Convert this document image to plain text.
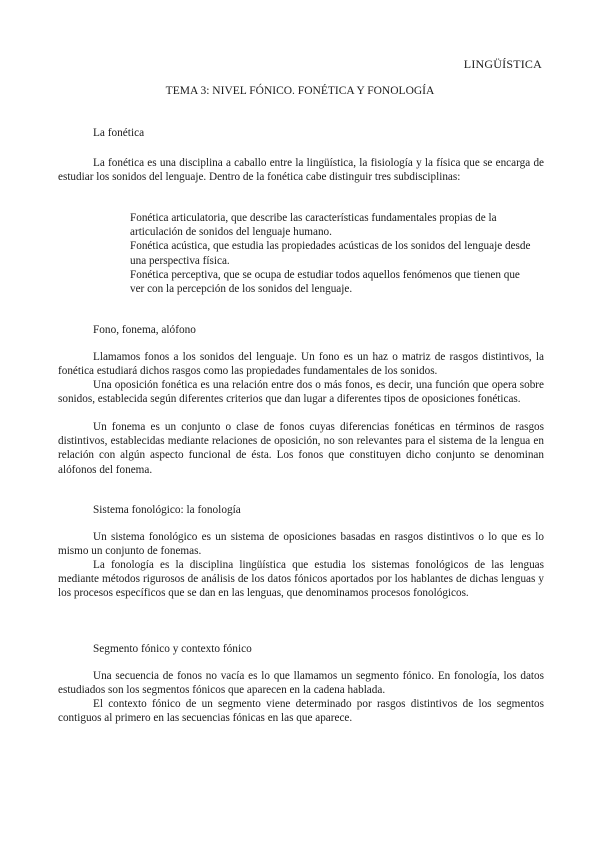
LINGÜÍSTICA
TEMA 3: NIVEL FÓNICO. FONÉTICA Y FONOLOGÍA
La fonética

La fonética es una disciplina a caballo entre la lingüística, la fisiología y la física que se encarga de estudiar los sonidos del lenguaje. Dentro de la fonética cabe distinguir tres subdisciplinas:

Fonética articulatoria, que describe las características fundamentales propias de la articulación de sonidos del lenguaje humano.
Fonética acústica, que estudia las propiedades acústicas de los sonidos del lenguaje desde una perspectiva física.
Fonética perceptiva, que se ocupa de estudiar todos aquellos fenómenos que tienen que ver con la percepción de los sonidos del lenguaje.
Fono, fonema, alófono

Llamamos fonos a los sonidos del lenguaje. Un fono es un haz o matriz de rasgos distintivos, la fonética estudiará dichos rasgos como las propiedades fundamentales de los sonidos.

Una oposición fonética es una relación entre dos o más fonos, es decir, una función que opera sobre sonidos, establecida según diferentes criterios que dan lugar a diferentes tipos de oposiciones fonéticas.

Un fonema es un conjunto o clase de fonos cuyas diferencias fonéticas en términos de rasgos distintivos, establecidas mediante relaciones de oposición, no son relevantes para el sistema de la lengua en relación con algún aspecto funcional de ésta. Los fonos que constituyen dicho conjunto se denominan alófonos del fonema.

Sistema fonológico: la fonología

Un sistema fonológico es un sistema de oposiciones basadas en rasgos distintivos o lo que es lo mismo un conjunto de fonemas.

La fonología es la disciplina lingüística que estudia los sistemas fonológicos de las lenguas mediante métodos rigurosos de análisis de los datos fónicos aportados por los hablantes de dichas lenguas y los procesos específicos que se dan en las lenguas, que denominamos procesos fonológicos.

Segmento fónico y contexto fónico

Una secuencia de fonos no vacía es lo que llamamos un segmento fónico. En fonología, los datos estudiados son los segmentos fónicos que aparecen en la cadena hablada.

El contexto fónico de un segmento viene determinado por rasgos distintivos de los segmentos contiguos al primero en las secuencias fónicas en las que aparece.
